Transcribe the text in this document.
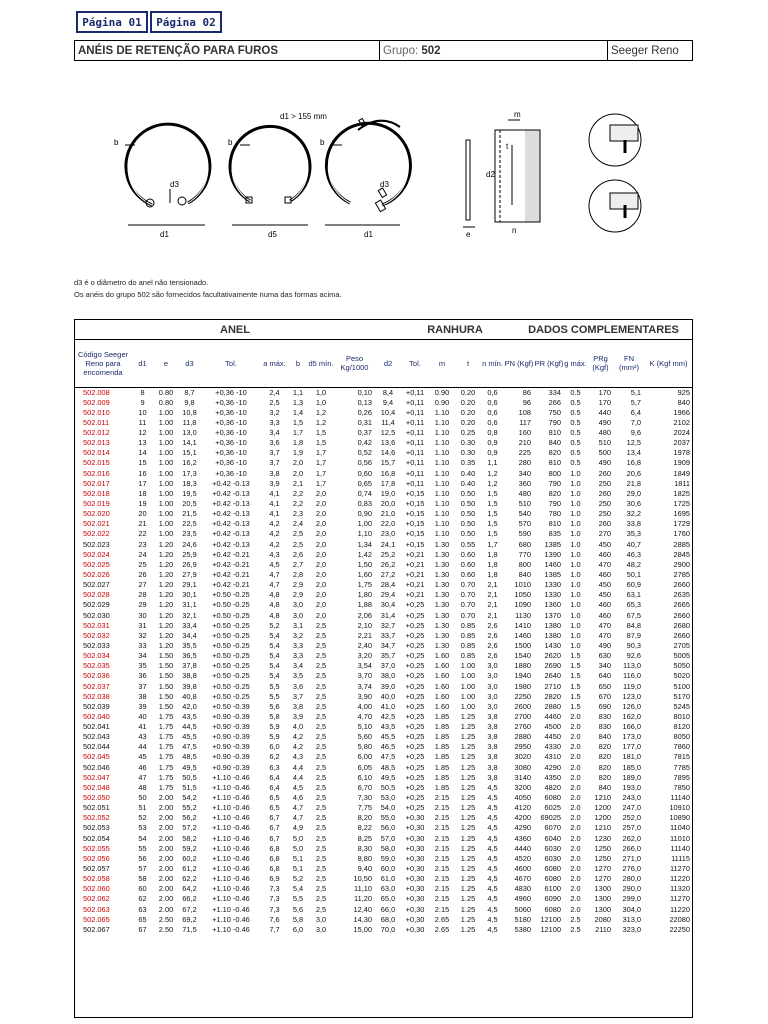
Página 01	Página 02
ANÉIS DE RETENÇÃO PARA FUROS	Grupo:
502	Seeger Reno
d1 > 155 mm
b	b	b
d1
d3
d5	d1
d3
d2
m
t
n
e
d3 é o diâmetro do anel não tensionado.
Os anéis do grupo 502 são fornecidos facultativamente numa das formas acima.
ANEL	RANHURA	DADOS COMPLEMENTARES
Código Seeger Reno para encomenda	d1	e	d3	Tol.	a máx.	b	d5 mín.	Peso Kg/1000	d2	Tol.	m	t	n mín.	PN (Kgf)	PR (Kgf)	g máx.	PRg (Kgf)	FN (mm²)	K (Kgf mm)
502.008	8	0.80	8,7	+0,36 -10	2,4	1,1	1,0	0,10	8,4	+0,11	0.90	0.20	0,6	86	334	0.5	170	5,1	925
502.009	9	0.80	9,8	+0,36 -10	2,5	1,3	1,0	0,13	9,4	+0,11	0.90	0.20	0,6	96	266	0.5	170	5,7	840
502.010	10	1.00	10,8	+0,36 -10	3,2	1,4	1,2	0,26	10,4	+0,11	1.10	0.20	0,6	108	750	0.5	440	6,4	1966
502.011	11	1.00	11,8	+0,36 -10	3,3	1,5	1,2	0,31	11,4	+0,11	1.10	0.20	0,6	117	790	0.5	490	7,0	2102
502.012	12	1.00	13,0	+0,36 -10	3,4	1,7	1,5	0,37	12,5	+0,11	1.10	0.25	0,8	160	810	0.5	480	9,6	2024
502.013	13	1.00	14,1	+0,36 -10	3,6	1,8	1,5	0,42	13,6	+0,11	1.10	0.30	0,9	210	840	0.5	510	12,5	2037
502.014	14	1.00	15,1	+0,36 -10	3,7	1,9	1,7	0,52	14,6	+0,11	1.10	0.30	0,9	225	820	0.5	500	13,4	1978
502.015	15	1.00	16,2	+0,36 -10	3,7	2,0	1,7	0,56	15,7	+0,11	1.10	0.35	1,1	280	810	0.5	490	16,8	1909
502.016	16	1.00	17,3	+0,36 -10	3,8	2,0	1,7	0,60	16,8	+0,11	1.10	0.40	1,2	340	800	1.0	260	20,6	1849
502.017	17	1.00	18,3	+0.42 -0.13	3,9	2,1	1,7	0,65	17,8	+0,11	1.10	0.40	1,2	360	790	1.0	250	21,8	1811
502.018	18	1.00	19,5	+0.42 -0.13	4,1	2,2	2,0	0,74	19,0	+0,15	1.10	0.50	1,5	480	820	1.0	260	29,0	1825
502.019	19	1.00	20,5	+0.42 -0.13	4,1	2,2	2,0	0,83	20,0	+0,15	1.10	0.50	1,5	510	790	1.0	250	30,6	1725
502.020	20	1.00	21,5	+0.42 -0.13	4,1	2,3	2,0	0,90	21,0	+0,15	1.10	0.50	1,5	540	780	1.0	250	32,2	1695
502.021	21	1.00	22,5	+0.42 -0.13	4,2	2,4	2,0	1,00	22,0	+0,15	1.10	0.50	1,5	570	810	1.0	260	33,8	1729
502.022	22	1.00	23,5	+0.42 -0.13	4,2	2,5	2,0	1,10	23,0	+0,15	1.10	0.50	1,5	590	835	1.0	270	35,3	1760
502.023	23	1.20	24,6	+0.42 -0.13	4,2	2,5	2,0	1,34	24,1	+0,15	1.30	0.55	1,7	680	1385	1.0	450	40,7	2885
502.024	24	1.20	25,9	+0.42 -0.21	4,3	2,6	2,0	1,42	25,2	+0,21	1.30	0.60	1,8	770	1390	1.0	460	46,3	2845
502.025	25	1.20	26,9	+0.42 -0.21	4,5	2,7	2,0	1,50	26,2	+0,21	1.30	0.60	1,8	800	1460	1.0	470	48,2	2900
502.026	26	1.20	27,9	+0.42 -0.21	4,7	2,8	2,0	1,60	27,2	+0,21	1.30	0.60	1,8	840	1385	1.0	460	50,1	2785
502.027	27	1.20	29,1	+0.42 -0.21	4,7	2,9	2,0	1,75	28,4	+0,21	1.30	0.70	2,1	1010	1330	1.0	450	60,9	2660
502.028	28	1.20	30,1	+0.50 -0.25	4,8	2,9	2,0	1,80	29,4	+0,21	1.30	0.70	2,1	1050	1330	1.0	450	63,1	2635
502.029	29	1.20	31,1	+0.50 -0.25	4,8	3,0	2,0	1,88	30,4	+0,25	1.30	0.70	2,1	1090	1360	1.0	460	65,3	2665
502.030	30	1.20	32,1	+0.50 -0.25	4,8	3,0	2,0	2,06	31,4	+0,25	1.30	0.70	2,1	1130	1370	1.0	460	67,5	2660
502.031	31	1.20	33,4	+0.50 -0.25	5,2	3,1	2,5	2,10	32,7	+0,25	1.30	0.85	2,6	1410	1380	1.0	470	84,8	2680
502.032	32	1.20	34,4	+0.50 -0.25	5,4	3,2	2,5	2,21	33,7	+0,25	1.30	0.85	2,6	1460	1380	1.0	470	87,9	2660
502.033	33	1.20	35,5	+0.50 -0.25	5,4	3,3	2,5	2,40	34,7	+0,25	1.30	0.85	2,6	1500	1430	1.0	490	90,3	2705
502.034	34	1.50	36,5	+0.50 -0.25	5,4	3,3	2,5	3,20	35,7	+0,25	1.60	0.85	2,6	1540	2620	1.5	630	92,6	5005
502.035	35	1.50	37,8	+0.50 -0.25	5,4	3,4	2,5	3,54	37,0	+0,25	1.60	1.00	3,0	1880	2690	1.5	340	113,0	5050
502.036	36	1.50	38,8	+0.50 -0.25	5,4	3,5	2,5	3,70	38,0	+0,25	1.60	1.00	3,0	1940	2640	1.5	640	116,0	5020
502.037	37	1.50	39,8	+0.50 -0.25	5,5	3,6	2,5	3,74	39,0	+0,25	1.60	1.00	3,0	1980	2710	1.5	650	119,0	5100
502.038	38	1.50	40,8	+0.50 -0.25	5,5	3,7	2,5	3,90	40,0	+0,25	1.60	1.00	3,0	2250	2820	1.5	670	123,0	5170
502.039	39	1.50	42,0	+0.50 -0.39	5,6	3,8	2,5	4,00	41,0	+0,25	1.60	1.00	3,0	2600	2880	1.5	690	126,0	5245
502.040	40	1.75	43,5	+0.90 -0.39	5,8	3,9	2,5	4,70	42,5	+0,25	1.85	1.25	3,8	2700	4460	2.0	830	162,0	8010
502.041	41	1.75	44,5	+0.90 -0.39	5,9	4,0	2,5	5,10	43,5	+0,25	1.85	1.25	3,8	2760	4500	2.0	830	166,0	8120
502.043	43	1.75	45,5	+0.90 -0.39	5,9	4,2	2,5	5,60	45,5	+0,25	1.85	1.25	3,8	2880	4450	2.0	840	173,0	8050
502.044	44	1.75	47,5	+0.90 -0.39	6,0	4,2	2,5	5,80	46,5	+0,25	1.85	1.25	3,8	2950	4330	2.0	820	177,0	7860
502.045	45	1.75	48,5	+0.90 -0.39	6,2	4,3	2,5	6,00	47,5	+0,25	1.85	1.25	3,8	3020	4310	2.0	820	181,0	7815
502.046	46	1.75	49,5	+0.90 -0.39	6,3	4,4	2,5	6,05	48,5	+0,25	1.85	1.25	3,8	3080	4290	2.0	820	185,0	7785
502.047	47	1.75	50,5	+1.10 -0.46	6,4	4,4	2,5	6,10	49,5	+0,25	1.85	1.25	3,8	3140	4350	2.0	820	189,0	7895
502.048	48	1.75	51,5	+1.10 -0.46	6,4	4,5	2,5	6,70	50,5	+0,25	1.85	1.25	4,5	3200	4820	2.0	840	193,0	7850
502.050	50	2.00	54,2	+1.10 -0.46	6,5	4,6	2,5	7,30	53,0	+0,25	2.15	1.25	4,5	4050	6080	2.0	1210	243,0	11140
502.051	51	2.00	55,2	+1.10 -0.46	6,5	4,7	2,5	7,75	54,0	+0,25	2.15	1.25	4,5	4120	6025	2.0	1200	247,0	10910
502.052	52	2.00	56,2	+1.10 -0.46	6,7	4,7	2,5	8,20	55,0	+0,30	2.15	1.25	4,5	4200	69025	2.0	1200	252,0	10890
502.053	53	2.00	57,2	+1.10 -0.46	6,7	4,9	2,5	8,22	56,0	+0,30	2.15	1.25	4,5	4290	6070	2.0	1210	257,0	11040
502.054	54	2.00	58,2	+1.10 -0.46	6,7	5,0	2,5	8,25	57,0	+0,30	2.15	1.25	4,5	4360	6040	2.0	1230	262,0	11010
502.055	55	2.00	59,2	+1.10 -0.46	6,8	5,0	2,5	8,30	58,0	+0,30	2.15	1.25	4,5	4440	6030	2.0	1250	266,0	11140
502.056	56	2.00	60,2	+1.10 -0.46	6,8	5,1	2,5	8,80	59,0	+0,30	2.15	1.25	4,5	4520	6030	2.0	1250	271,0	11115
502.057	57	2.00	61,2	+1.10 -0.46	6,8	5,1	2,5	9,40	60,0	+0,30	2.15	1.25	4,5	4600	6080	2.0	1270	276,0	11270
502.058	58	2.00	62,2	+1.10 -0.46	6,9	5,2	2,5	10,50	61,0	+0,30	2.15	1.25	4,5	4670	6080	2.0	1270	280,0	11220
502.060	60	2.00	64,2	+1.10 -0.46	7,3	5,4	2,5	11,10	63,0	+0,30	2.15	1.25	4,5	4830	6100	2.0	1300	290,0	11320
502.062	62	2.00	66,2	+1.10 -0.46	7,3	5,5	2,5	11,20	65,0	+0,30	2.15	1.25	4,5	4960	6090	2.0	1300	299,0	11270
502.063	63	2.00	67,2	+1.10 -0.46	7,3	5,6	2,5	12,40	66,0	+0,30	2.15	1.25	4,5	5060	6080	2.0	1300	304,0	11220
502.065	65	2.50	69,2	+1.10 -0.46	7,6	5,8	3,0	14,30	68,0	+0,30	2.65	1.25	4,5	5180	12100	2.5	2080	313,0	22080
502.067	67	2.50	71,5	+1.10 -0.46	7,7	6,0	3,0	15,00	70,0	+0,30	2.65	1.25	4,5	5380	12100	2.5	2110	323,0	22250
